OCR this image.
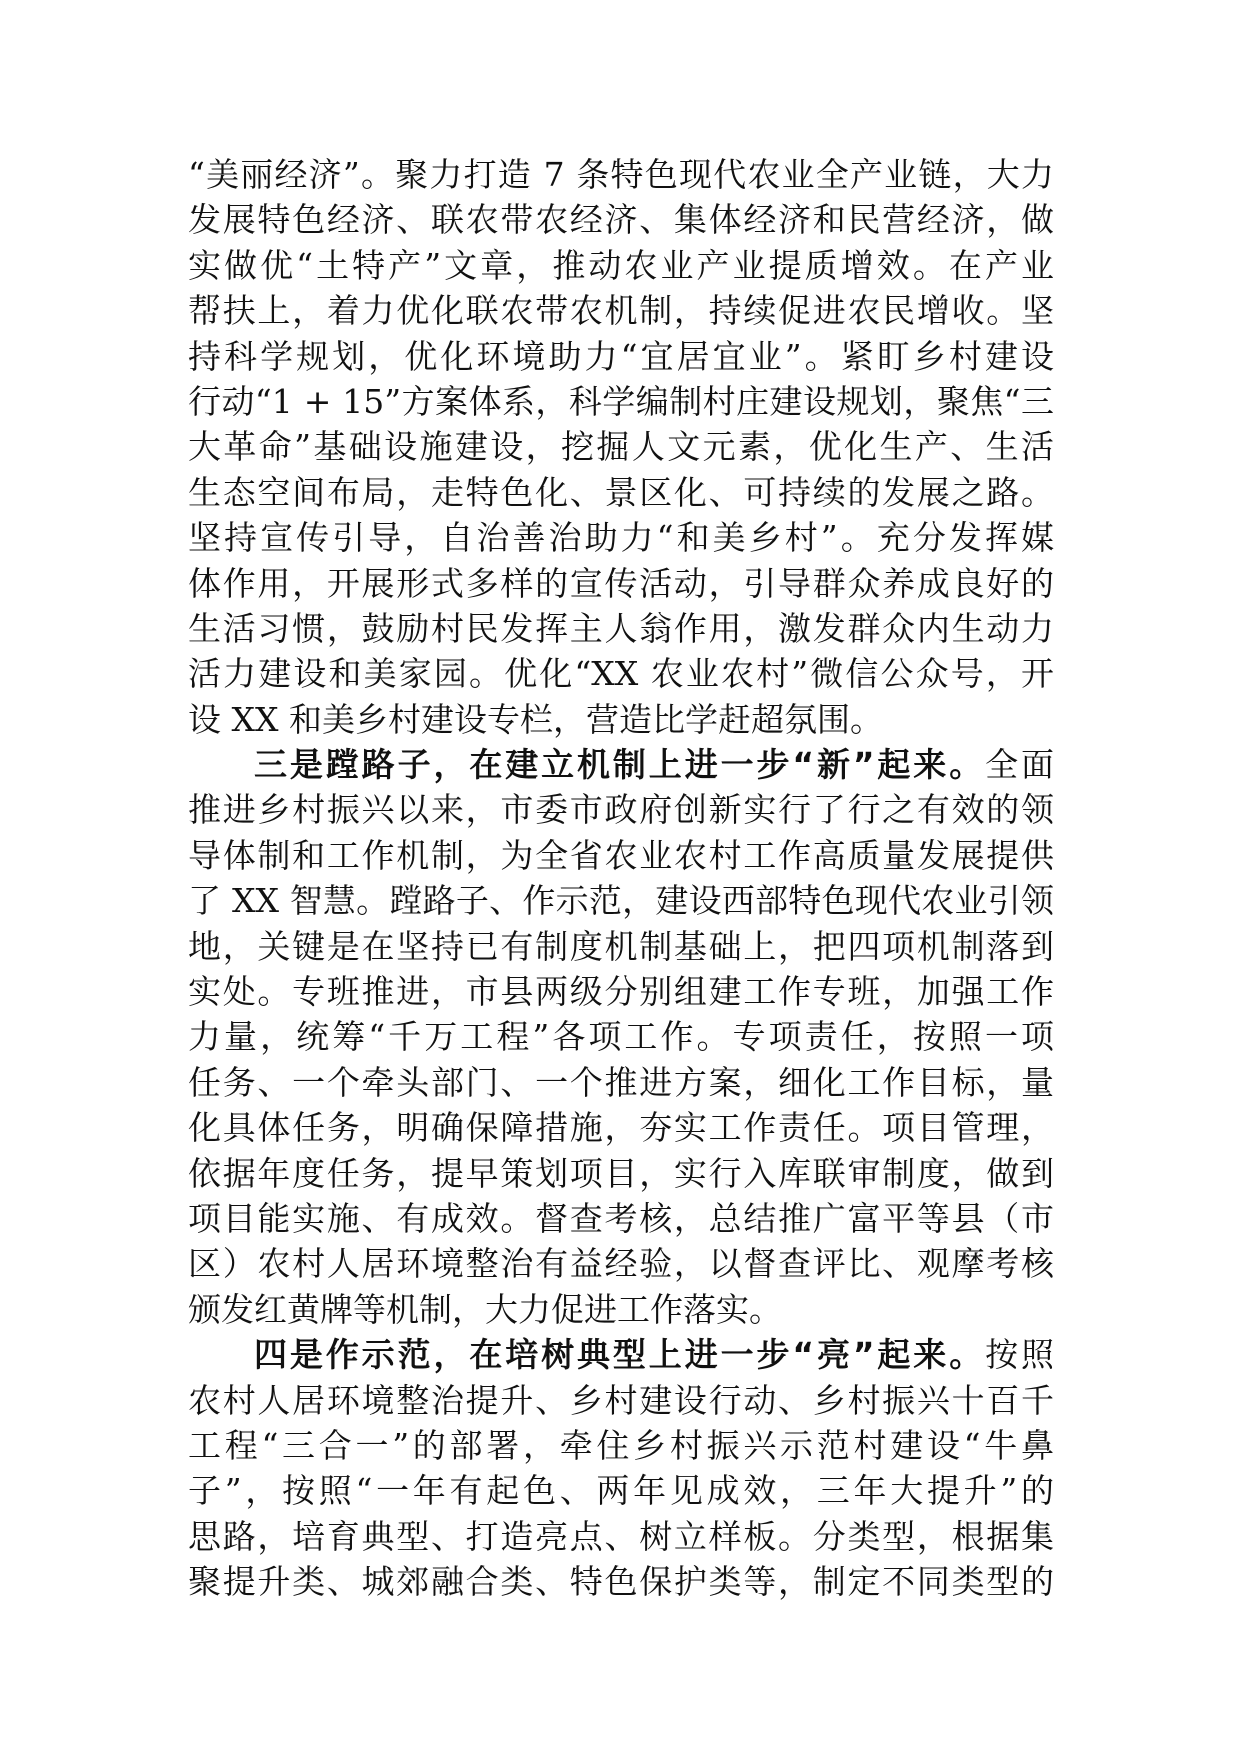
“美丽经济”。聚力打造 7 条特色现代农业全产业链，大力
发展特色经济、联农带农经济、集体经济和民营经济，做
实做优“土特产”文章，推动农业产业提质增效。在产业
帮扶上，着力优化联农带农机制，持续促进农民增收。坚
持科学规划，优化环境助力“宜居宜业”。紧盯乡村建设
行动“1 + 15”方案体系，科学编制村庄建设规划，聚焦“三
大革命”基础设施建设，挖掘人文元素，优化生产、生活
生态空间布局，走特色化、景区化、可持续的发展之路。
坚持宣传引导，自治善治助力“和美乡村”。充分发挥媒
体作用，开展形式多样的宣传活动，引导群众养成良好的
生活习惯，鼓励村民发挥主人翁作用，激发群众内生动力
活力建设和美家园。优化“XX 农业农村”微信公众号，开
设 XX 和美乡村建设专栏，营造比学赶超氛围。
三是蹚路子，在建立机制上进一步“新”起来。全面
推进乡村振兴以来，市委市政府创新实行了行之有效的领
导体制和工作机制，为全省农业农村工作高质量发展提供
了 XX 智慧。蹚路子、作示范，建设西部特色现代农业引领
地，关键是在坚持已有制度机制基础上，把四项机制落到
实处。专班推进，市县两级分别组建工作专班，加强工作
力量，统筹“千万工程”各项工作。专项责任，按照一项
任务、一个牵头部门、一个推进方案，细化工作目标，量
化具体任务，明确保障措施，夯实工作责任。项目管理，
依据年度任务，提早策划项目，实行入库联审制度，做到
项目能实施、有成效。督查考核，总结推广富平等县（市
区）农村人居环境整治有益经验，以督查评比、观摩考核
颁发红黄牌等机制，大力促进工作落实。
四是作示范，在培树典型上进一步“亮”起来。按照
农村人居环境整治提升、乡村建设行动、乡村振兴十百千
工程“三合一”的部署，牵住乡村振兴示范村建设“牛鼻
子”，按照“一年有起色、两年见成效，三年大提升”的
思路，培育典型、打造亮点、树立样板。分类型，根据集
聚提升类、城郊融合类、特色保护类等，制定不同类型的
